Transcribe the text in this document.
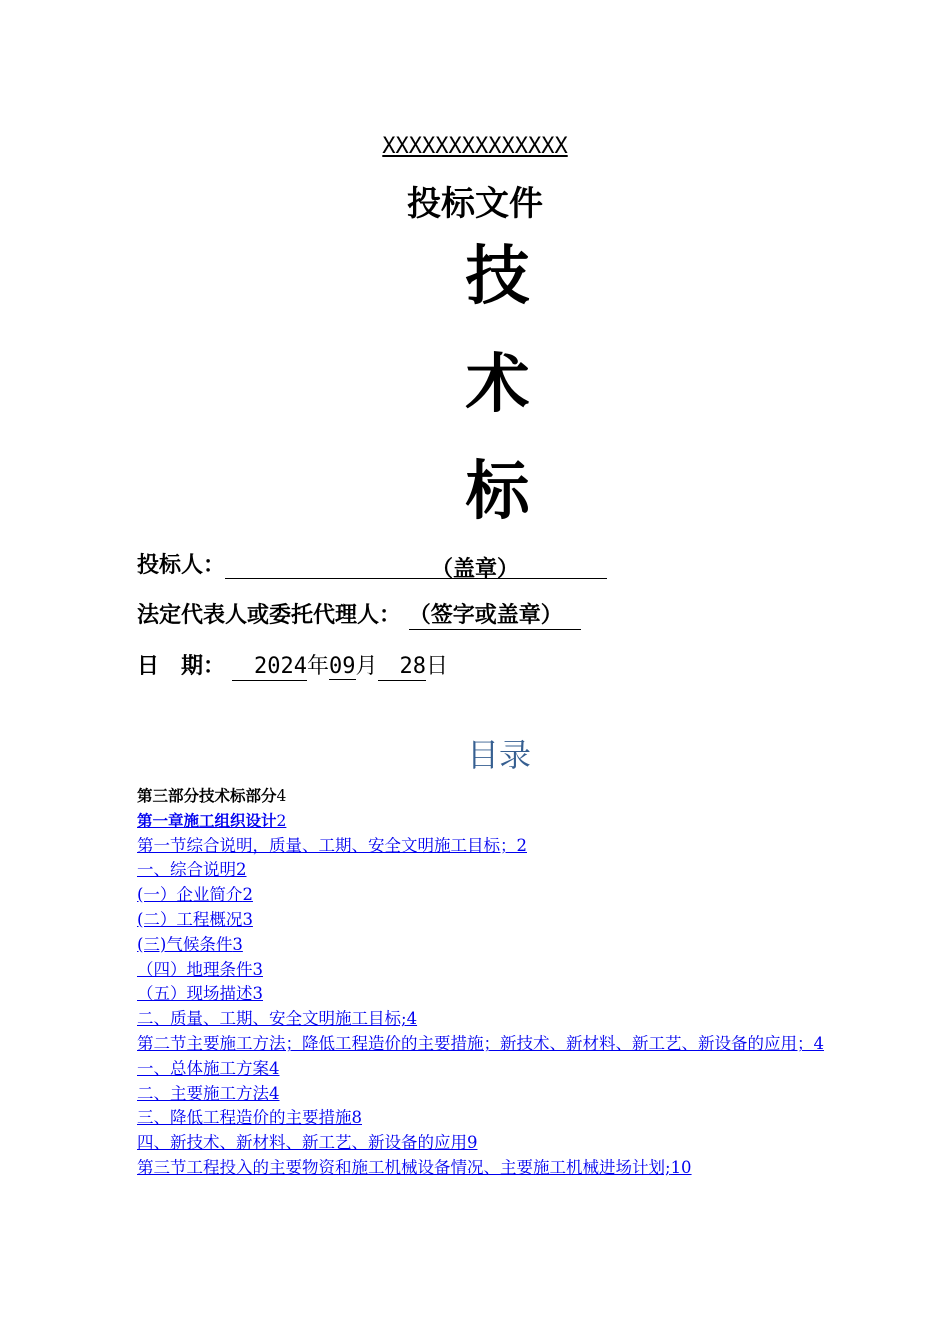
XXXXXXXXXXXXXX
投标文件
技
术
标
投标人：	（盖章）
法定代表人或委托代理人： （签字或盖章）
日　期： 　2024年09月　28日
目录
第三部分技术标部分4
第一章施工组织设计2
第一节综合说明，质量、工期、安全文明施工目标；2
一、综合说明2
(一）企业简介2
(二）工程概况3
(三)气候条件3
（四）地理条件3
（五）现场描述3
二、质量、工期、安全文明施工目标;4
第二节主要施工方法；降低工程造价的主要措施；新技术、新材料、新工艺、新设备的应用；4
一、总体施工方案4
二、主要施工方法4
三、降低工程造价的主要措施8
四、新技术、新材料、新工艺、新设备的应用9
第三节工程投入的主要物资和施工机械设备情况、主要施工机械进场计划;10
